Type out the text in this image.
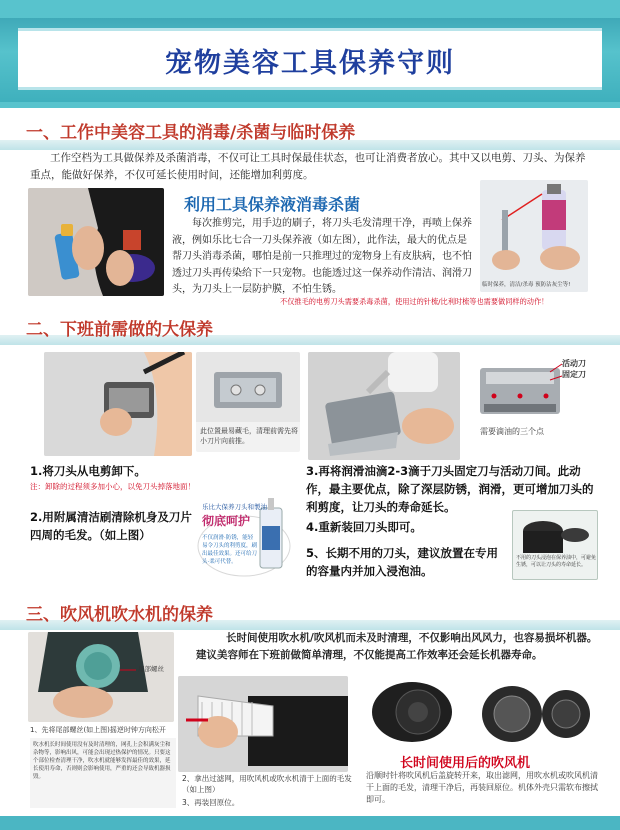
宠物美容工具保养守则
一、工作中美容工具的消毒/杀菌与临时保养
工作空档为工具做保养及杀菌消毒，不仅可让工具时保最佳状态，也可让消费者放心。其中又以电剪、刀头、为保养重点，能做好保养，不仅可延长使用时间，还能增加利剪度。
利用工具保养液消毒杀菌
每次推剪完，用手边的刷子，将刀头毛发清理干净，再喷上保养液，例如乐比七合一刀头保养液（如左图），此作法，最大的优点是帮刀头消毒杀菌，哪怕是前一只推理过的宠物身上有皮肤病，也不怕透过刀头再传染给下一只宠物。也能透过这一保养动作清洁、润滑刀头，为刀头上一层防护膜，不怕生锈。	临时保养，清洁/杀毒 预防沾灰尘等!
不仅推毛的电剪刀头需要杀毒杀菌，使用过的针梳/比利时梳等也需要做同样的动作！
二、下班前需做的大保养
此位置最易藏毛，清理前需先将小刀片向前推。
活动刀
固定刀
需要滴油的三个点
1.将刀头从电剪卸下。
注：卸除的过程须多加小心，以免刀头掉落地面！
2.用附属清洁刷清除机身及刀片四周的毛发。（如上图）
乐比大保养刀头和製油
彻底呵护
不仅润滑·防锈，能轻易令刀头的利剪度，刷出最佳效果。还可给刀头·柔可代替。
3.再将润滑油滴2-3滴于刀头固定刀与活动刀间。此动作，最主要优点，除了深层防锈，润滑，更可增加刀头的利剪度，让刀头的寿命延长。
4.重新装回刀头即可。
5、长期不用的刀头，建议放置在专用的容量内并加入浸泡油。
不用的刀头浸泡在保养油中，可避免生锈，可以让刀头的寿命延长。
三、吹风机吹水机的保养
尾部螺丝
1、先将尾部螺丝(如上图)摇逆时钟方向松开
吹水机长时间使用没有及时清理的，网孔上会积满灰尘和杂物等，影响出风，可能会出现过热保护的情况。只要这个部位检查清理干净，吹水机就能够发挥最佳的效果，延长使用寿命，否则则会影响使用，严重的还会导致机器损毁。
长时间使用吹水机/吹风机而未及时清理，不仅影响出风风力，也容易损坏机器。建议美容师在下班前做简单清理，不仅能提高工作效率还会延长机器寿命。
2、拿出过滤网，用吹风机或吹水机清于上面的毛发（如上图）
3、再装回原位。
长时间使用后的吹风机
沿顺时针将吹风机后盖旋转开来，取出滤网，用吹水机或吹风机清干上面的毛发，清理干净后，再装回原位。机体外壳只需软布擦拭即可。
